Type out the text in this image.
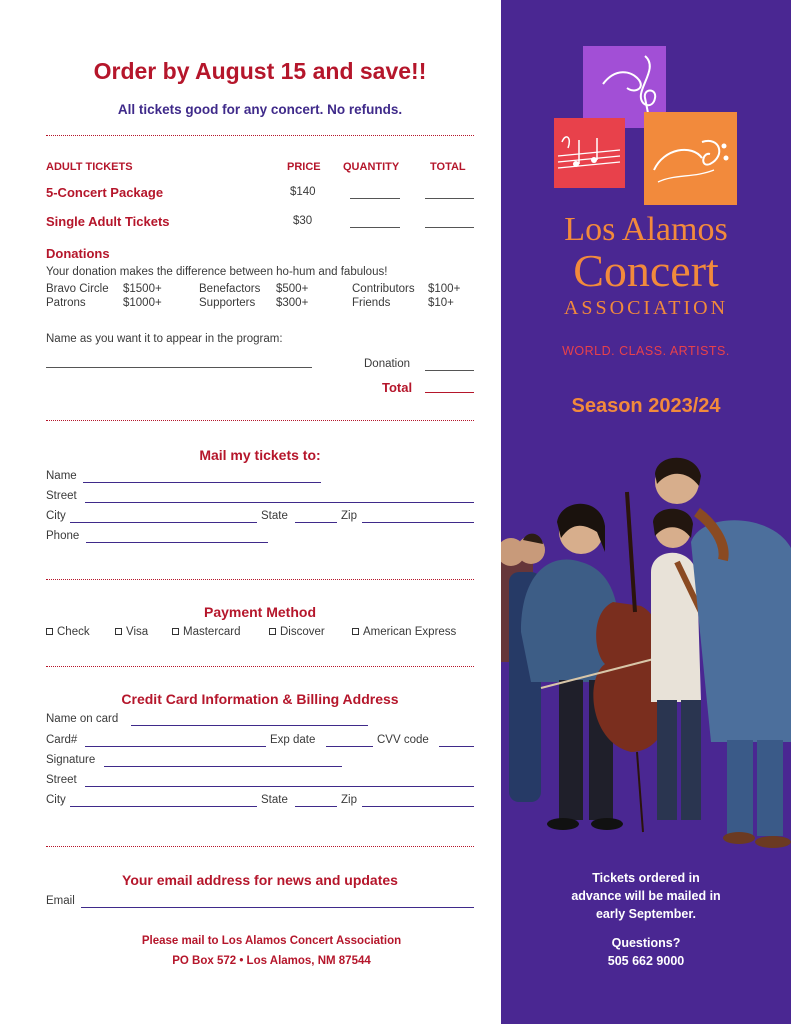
Order by August 15 and save!!
All tickets good for any concert. No refunds.
ADULT TICKETS	PRICE QUANTITY	TOTAL
5-Concert Package	$140
Single Adult Tickets	$30
Donations
Your donation makes the difference between ho-hum and fabulous!
Bravo Circle $1500+	Benefactors $500+	Contributors $100+
Patrons	$1000+	Supporters $300+	Friends	$10+
Name as you want it to appear in the program:
Donation
Total
Mail my tickets to:
Name
Street
City	State	Zip
Phone
Payment Method
Check	Visa	Mastercard	Discover	American Express
Credit Card Information & Billing Address
Name on card
Card#	Exp date	CVV code
Signature
Street
City	State	Zip
Your email address for news and updates
Email
Please mail to Los Alamos Concert Association
PO Box 572 • Los Alamos, NM 87544
Los Alamos
Concert
ASSOCIATION
WORLD. CLASS. ARTISTS.
Season 2023/24
Tickets ordered in
advance will be mailed in
early September.
Questions?
505 662 9000
